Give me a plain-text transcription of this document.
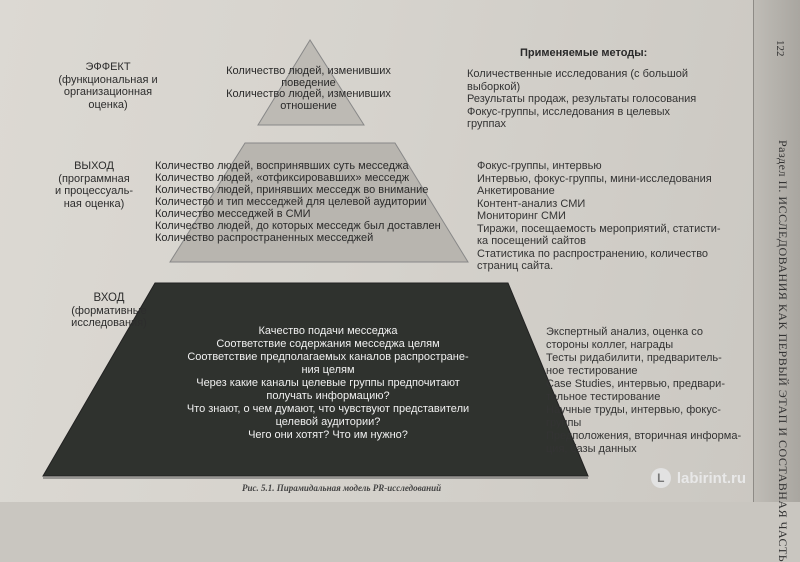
122
Раздел II. ИССЛЕДОВАНИЯ КАК ПЕРВЫЙ ЭТАП И СОСТАВНАЯ ЧАСТЬ
Применяемые методы:
ЭФФЕКТ
(функциональная и
организационная
оценка)
Количество людей, изменивших
поведение
Количество людей, изменивших
отношение
Количественные исследования (с большой
выборкой)
Результаты продаж, результаты голосования
Фокус-группы, исследования в целевых
группах
ВЫХОД
(программная
и процессуаль-
ная оценка)
Количество людей, воспринявших суть месседжа
Количество людей, «отфиксировавших» месседж
Количество людей, принявших месседж во внимание
Количество и тип месседжей для целевой аудитории
Количество месседжей в СМИ
Количество людей, до которых месседж был доставлен
Количество распространенных месседжей
Фокус-группы, интервью
Интервью, фокус-группы, мини-исследования
Анкетирование
Контент-анализ СМИ
Мониторинг СМИ
Тиражи, посещаемость мероприятий, статисти-
ка посещений сайтов
Статистика по распространению, количество
страниц сайта.
ВХОД
(формативные
исследования)
Качество подачи месседжа
Соответствие содержания месседжа целям
Соответствие предполагаемых каналов распростране-
ния целям
Через какие каналы целевые группы предпочитают
получать информацию?
Что знают, о чем думают, что чувствуют представители
целевой аудитории?
Чего они хотят? Что им нужно?
Экспертный анализ, оценка со
стороны коллег, награды
Тесты ридабилити, предваритель-
ное тестирование
Case Studies, интервью, предвари-
тельное тестирование
Научные труды, интервью, фокус-
группы
Предположения, вторичная информа-
ция, базы данных
Рис. 5.1. Пирамидальная модель PR-исследований
L labirint.ru
